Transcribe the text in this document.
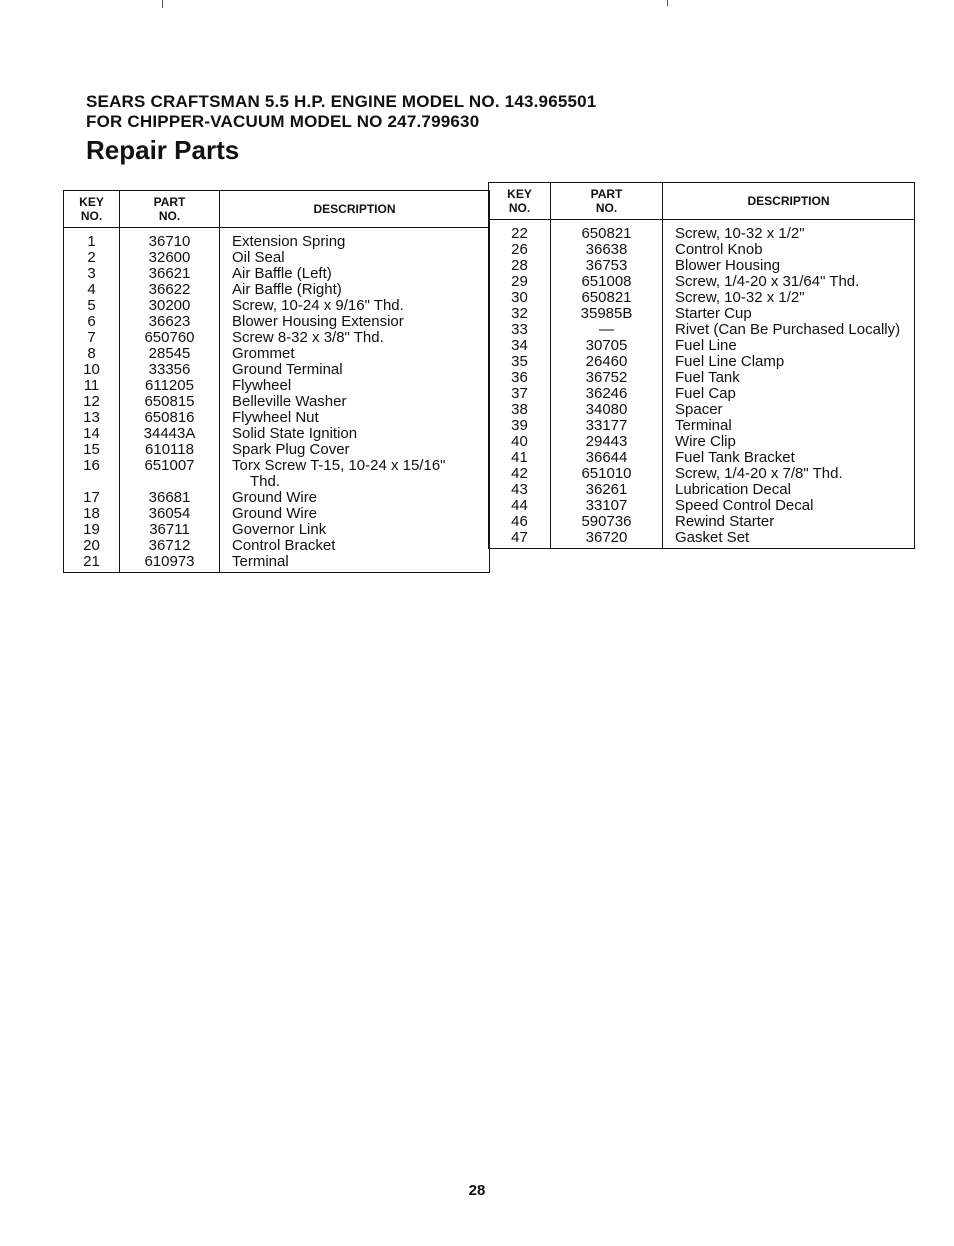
SEARS CRAFTSMAN 5.5 H.P. ENGINE MODEL NO. 143.965501
FOR CHIPPER-VACUUM MODEL NO 247.799630
Repair Parts
KEY
NO.	PART
NO.	DESCRIPTION
1	36710	Extension Spring

2	32600	Oil Seal

3	36621	Air Baffle (Left)

4	36622	Air Baffle (Right)

5	30200	Screw, 10-24 x 9/16" Thd.

6	36623	Blower Housing Extensior

7	650760	Screw 8-32 x 3/8" Thd.

8	28545	Grommet

10	33356	Ground Terminal

11	611205	Flywheel

12	650815	Belleville Washer

13	650816	Flywheel Nut

14	34443A	Solid State Ignition

15	610118	Spark Plug Cover

16	651007	Torx Screw T-15, 10-24 x 15/16"
Thd.

17	36681	Ground Wire

18	36054	Ground Wire

19	36711	Governor Link

20	36712	Control Bracket

21	610973	Terminal
KEY
NO.	PART
NO.	DESCRIPTION
22	650821	Screw, 10-32 x 1/2"

26	36638	Control Knob

28	36753	Blower Housing

29	651008	Screw, 1/4-20 x 31/64" Thd.

30	650821	Screw, 10-32 x 1/2"

32	35985B	Starter Cup

33	—	Rivet (Can Be Purchased Locally)

34	30705	Fuel Line

35	26460	Fuel Line Clamp

36	36752	Fuel Tank

37	36246	Fuel Cap

38	34080	Spacer

39	33177	Terminal

40	29443	Wire Clip

41	36644	Fuel Tank Bracket

42	651010	Screw, 1/4-20 x 7/8" Thd.

43	36261	Lubrication Decal

44	33107	Speed Control Decal

46	590736	Rewind Starter

47	36720	Gasket Set
28
